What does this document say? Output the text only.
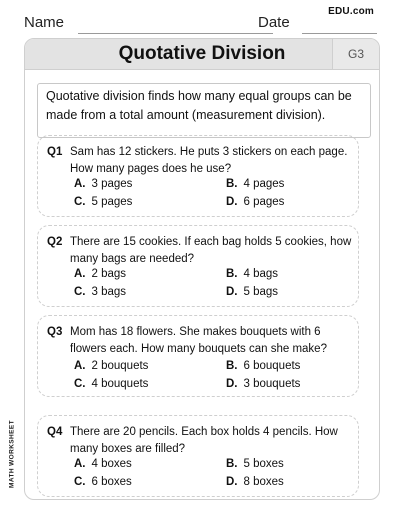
Name	Date
EDU.com
Quotative Division	G3
Quotative division finds how many equal groups can be made from a total amount (measurement division).
Q1 Sam has 12 stickers. He puts 3 stickers on each page. How many pages does he use?
A. 3 pages	B. 4 pages
C. 5 pages	D. 6 pages
Q2 There are 15 cookies. If each bag holds 5 cookies, how many bags are needed?
A. 2 bags	B. 4 bags
C. 3 bags	D. 5 bags
Q3 Mom has 18 flowers. She makes bouquets with 6 flowers each. How many bouquets can she make?
A. 2 bouquets	B. 6 bouquets
C. 4 bouquets	D. 3 bouquets
Q4 There are 20 pencils. Each box holds 4 pencils. How many boxes are filled?
A. 4 boxes	B. 5 boxes
C. 6 boxes	D. 8 boxes
MATH WORKSHEET
